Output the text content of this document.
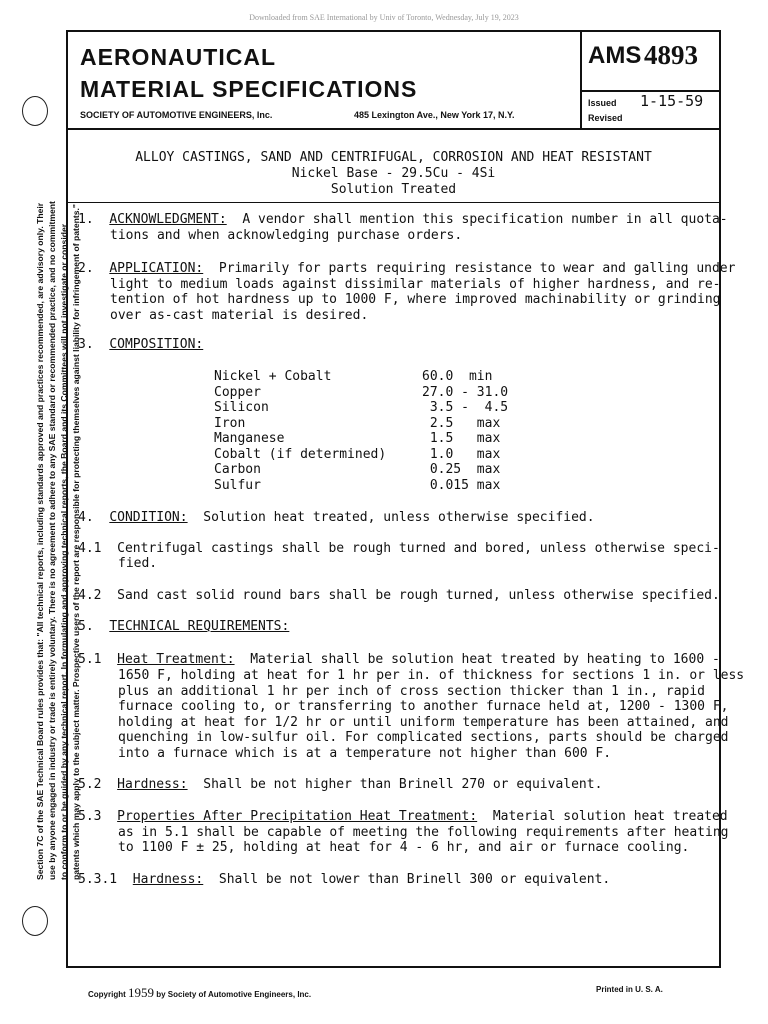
Downloaded from SAE International by Univ of Toronto, Wednesday, July 19, 2023
Section 7C of the SAE Technical Board rules provides that: "All technical reports, including standards approved and practices recommended, are advisory only. Their use by anyone engaged in industry or trade is entirely voluntary. There is no agreement to adhere to any SAE standard or recommended practice, and no commitment to conform to or be guided by any technical report. In formulating and approving technical reports, the Board and its Committees will not investigate or consider patents which may apply to the subject matter. Prospective users of the report are responsible for protecting themselves against liability for infringement of patents."
AERONAUTICAL
MATERIAL SPECIFICATIONS
SOCIETY OF AUTOMOTIVE ENGINEERS, Inc.	485 Lexington Ave., New York 17, N.Y.
AMS 4893
Issued 1-15-59
Revised
ALLOY CASTINGS, SAND AND CENTRIFUGAL, CORROSION AND HEAT RESISTANT
Nickel Base - 29.5Cu - 4Si
Solution Treated
1. ACKNOWLEDGMENT:  A vendor shall mention this specification number in all quota-
tions and when acknowledging purchase orders.
2. APPLICATION:  Primarily for parts requiring resistance to wear and galling under
light to medium loads against dissimilar materials of higher hardness, and re-
tention of hot hardness up to 1000 F, where improved machinability or grinding
over as-cast material is desired.
3. COMPOSITION:
Nickel + Cobalt	60.0  min
Copper	27.0 - 31.0
Silicon	3.5 -  4.5
Iron	2.5   max
Manganese	1.5   max
Cobalt (if determined)	1.0   max
Carbon	0.25  max
Sulfur	0.015 max
4. CONDITION:  Solution heat treated, unless otherwise specified.
4.1 Centrifugal castings shall be rough turned and bored, unless otherwise speci-
fied.
4.2 Sand cast solid round bars shall be rough turned, unless otherwise specified.
5. TECHNICAL REQUIREMENTS:
5.1 Heat Treatment:  Material shall be solution heat treated by heating to 1600 -
1650 F, holding at heat for 1 hr per in. of thickness for sections 1 in. or less
plus an additional 1 hr per inch of cross section thicker than 1 in., rapid
furnace cooling to, or transferring to another furnace held at, 1200 - 1300 F,
holding at heat for 1/2 hr or until uniform temperature has been attained, and
quenching in low-sulfur oil. For complicated sections, parts should be charged
into a furnace which is at a temperature not higher than 600 F.
5.2 Hardness:  Shall be not higher than Brinell 270 or equivalent.
5.3 Properties After Precipitation Heat Treatment:  Material solution heat treated
as in 5.1 shall be capable of meeting the following requirements after heating
to 1100 F ± 25, holding at heat for 4 - 6 hr, and air or furnace cooling.
5.3.1 Hardness:  Shall be not lower than Brinell 300 or equivalent.
Copyright 1959 by Society of Automotive Engineers, Inc.
Printed in U. S. A.
